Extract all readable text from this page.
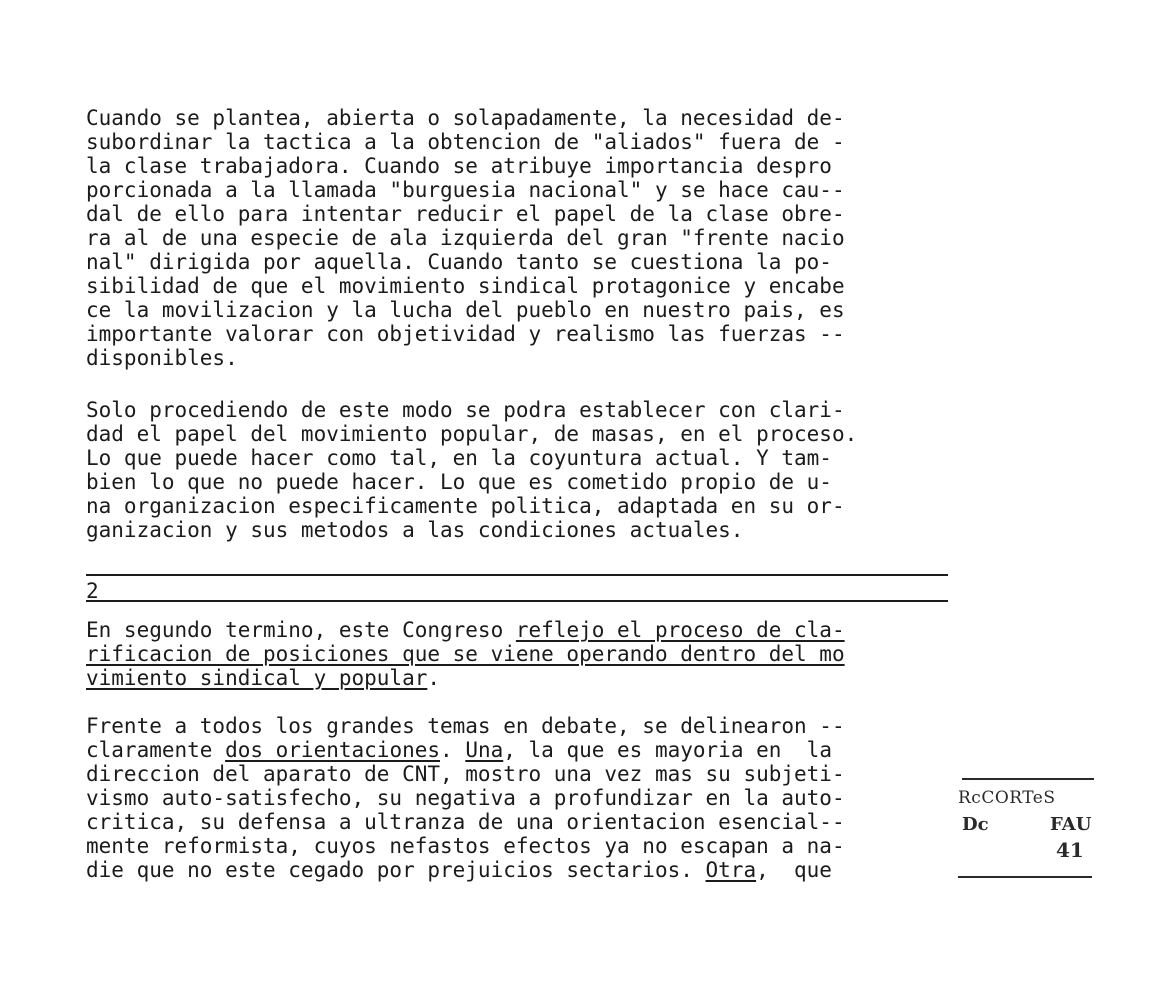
Cuando se plantea, abierta o solapadamente, la necesidad de-
subordinar la tactica a la obtencion de "aliados" fuera de -
la clase trabajadora. Cuando se atribuye importancia despro
porcionada a la llamada "burguesia nacional" y se hace cau--
dal de ello para intentar reducir el papel de la clase obre-
ra al de una especie de ala izquierda del gran "frente nacio
nal" dirigida por aquella. Cuando tanto se cuestiona la po-
sibilidad de que el movimiento sindical protagonice y encabe
ce la movilizacion y la lucha del pueblo en nuestro pais, es
importante valorar con objetividad y realismo las fuerzas --
disponibles.
Solo procediendo de este modo se podra establecer con clari-
dad el papel del movimiento popular, de masas, en el proceso.
Lo que puede hacer como tal, en la coyuntura actual. Y tam-
bien lo que no puede hacer. Lo que es cometido propio de u-
na organizacion especificamente politica, adaptada en su or-
ganizacion y sus metodos a las condiciones actuales.
2
En segundo termino, este Congreso reflejo el proceso de cla-
rificacion de posiciones que se viene operando dentro del mo
vimiento sindical y popular.
Frente a todos los grandes temas en debate, se delinearon --
claramente dos orientaciones. Una, la que es mayoria en  la
direccion del aparato de CNT, mostro una vez mas su subjeti-
vismo auto-satisfecho, su negativa a profundizar en la auto-
critica, su defensa a ultranza de una orientacion esencial--
mente reformista, cuyos nefastos efectos ya no escapan a na-
die que no este cegado por prejuicios sectarios. Otra,  que
RcCORTeS
Dc	FAU
41
